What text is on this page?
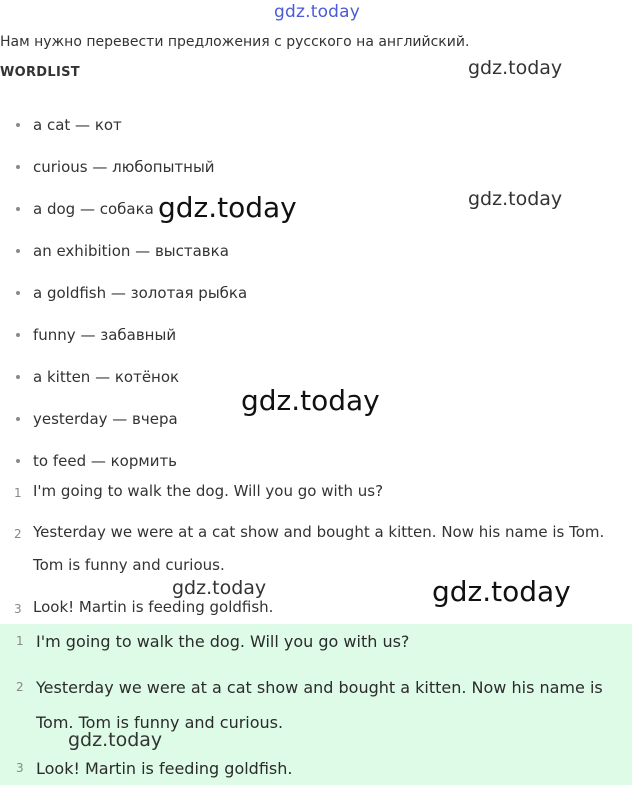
gdz.today
Нам нужно перевести предложения с русского на английский.
WORDLIST
a cat — кот
curious — любопытный
a dog — собака
an exhibition — выставка
a goldfish — золотая рыбка
funny — забавный
a kitten — котёнок
yesterday — вчера
to feed — кормить
1 I'm going to walk the dog. Will you go with us?
2 Yesterday we were at a cat show and bought a kitten. Now his name is Tom. Tom is funny and curious.
3 Look! Martin is feeding goldfish.
1 I'm going to walk the dog. Will you go with us?
2 Yesterday we were at a cat show and bought a kitten. Now his name is Tom. Tom is funny and curious.
3 Look! Martin is feeding goldfish.
gdz.today
gdz.today
gdz.today
gdz.today
gdz.today	gdz.today
gdz.today
